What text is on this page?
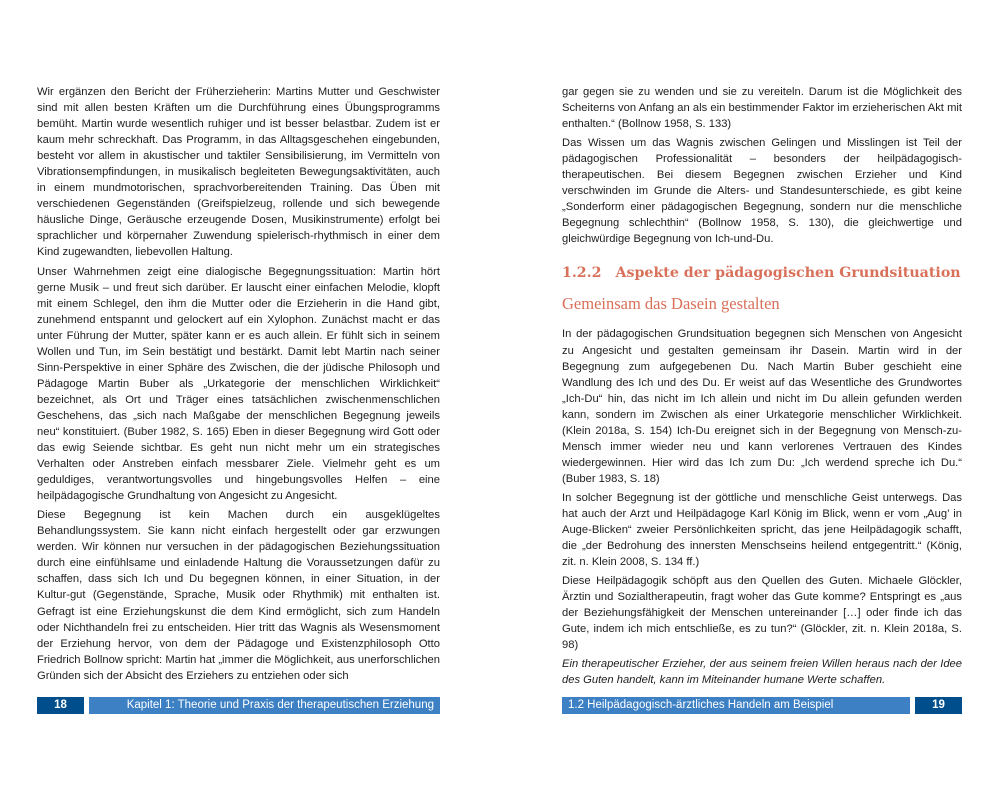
Wir ergänzen den Bericht der Früherzieherin: Martins Mutter und Geschwister sind mit allen besten Kräften um die Durchführung eines Übungsprogramms bemüht. Martin wurde wesentlich ruhiger und ist besser belastbar. Zudem ist er kaum mehr schreckhaft. Das Programm, in das Alltagsgeschehen eingebunden, besteht vor allem in akustischer und taktiler Sensibilisierung, im Vermitteln von Vibrationsempfindungen, in musikalisch begleiteten Bewegungsaktivitäten, auch in einem mundmotorischen, sprachvorbereitenden Training. Das Üben mit verschiedenen Gegenständen (Greifspielzeug, rollende und sich bewegende häusliche Dinge, Geräusche erzeugende Dosen, Musikinstrumente) erfolgt bei sprachlicher und körpernaher Zuwendung spielerisch-rhythmisch in einer dem Kind zugewandten, liebevollen Haltung.

Unser Wahrnehmen zeigt eine dialogische Begegnungssituation: Martin hört gerne Musik – und freut sich darüber. Er lauscht einer einfachen Melodie, klopft mit einem Schlegel, den ihm die Mutter oder die Erzieherin in die Hand gibt, zunehmend entspannt und gelockert auf ein Xylophon. Zunächst macht er das unter Führung der Mutter, später kann er es auch allein. Er fühlt sich in seinem Wollen und Tun, im Sein bestätigt und bestärkt. Damit lebt Martin nach seiner Sinn-Perspektive in einer Sphäre des Zwischen, die der jüdische Philosoph und Pädagoge Martin Buber als „Urkategorie der menschlichen Wirklichkeit“ bezeichnet, als Ort und Träger eines tatsächlichen zwischenmenschlichen Geschehens, das „sich nach Maßgabe der menschlichen Begegnung jeweils neu“ konstituiert. (Buber 1982, S. 165) Eben in dieser Begegnung wird Gott oder das ewig Seiende sichtbar. Es geht nun nicht mehr um ein strategisches Verhalten oder Anstreben einfach messbarer Ziele. Vielmehr geht es um geduldiges, verantwortungsvolles und hingebungsvolles Helfen – eine heilpädagogische Grundhaltung von Angesicht zu Angesicht.

Diese Begegnung ist kein Machen durch ein ausgeklügeltes Behandlungssystem. Sie kann nicht einfach hergestellt oder gar erzwungen werden. Wir können nur versuchen in der pädagogischen Beziehungssituation durch eine einfühlsame und einladende Haltung die Voraussetzungen dafür zu schaffen, dass sich Ich und Du begegnen können, in einer Situation, in der Kultur-gut (Gegenstände, Sprache, Musik oder Rhythmik) mit enthalten ist. Gefragt ist eine Erziehungskunst die dem Kind ermöglicht, sich zum Handeln oder Nichthandeln frei zu entscheiden. Hier tritt das Wagnis als Wesensmoment der Erziehung hervor, von dem der Pädagoge und Existenzphilosoph Otto Friedrich Bollnow spricht: Martin hat „immer die Möglichkeit, aus unerforschlichen Gründen sich der Absicht des Erziehers zu entziehen oder sich

18	Kapitel 1: Theorie und Praxis der therapeutischen Erziehung

gar gegen sie zu wenden und sie zu vereiteln. Darum ist die Möglichkeit des Scheiterns von Anfang an als ein bestimmender Faktor im erzieherischen Akt mit enthalten.“ (Bollnow 1958, S. 133)

Das Wissen um das Wagnis zwischen Gelingen und Misslingen ist Teil der pädagogischen Professionalität – besonders der heilpädagogisch-therapeutischen. Bei diesem Begegnen zwischen Erzieher und Kind verschwinden im Grunde die Alters- und Standesunterschiede, es gibt keine „Sonderform einer pädagogischen Begegnung, sondern nur die menschliche Begegnung schlechthin“ (Bollnow 1958, S. 130), die gleichwertige und gleichwürdige Begegnung von Ich-und-Du.

1.2.2 Aspekte der pädagogischen Grundsituation
Gemeinsam das Dasein gestalten

In der pädagogischen Grundsituation begegnen sich Menschen von Angesicht zu Angesicht und gestalten gemeinsam ihr Dasein. Martin wird in der Begegnung zum aufgegebenen Du. Nach Martin Buber geschieht eine Wandlung des Ich und des Du. Er weist auf das Wesentliche des Grundwortes „Ich-Du“ hin, das nicht im Ich allein und nicht im Du allein gefunden werden kann, sondern im Zwischen als einer Urkategorie menschlicher Wirklichkeit. (Klein 2018a, S. 154) Ich-Du ereignet sich in der Begegnung von Mensch-zu-Mensch immer wieder neu und kann verlorenes Vertrauen des Kindes wiedergewinnen. Hier wird das Ich zum Du: „Ich werdend spreche ich Du.“ (Buber 1983, S. 18)

In solcher Begegnung ist der göttliche und menschliche Geist unterwegs. Das hat auch der Arzt und Heilpädagoge Karl König im Blick, wenn er vom „Aug’ in Auge-Blicken“ zweier Persönlichkeiten spricht, das jene Heilpädagogik schafft, die „der Bedrohung des innersten Menschseins heilend entgegentritt.“ (König, zit. n. Klein 2008, S. 134 ff.)

Diese Heilpädagogik schöpft aus den Quellen des Guten. Michaele Glöckler, Ärztin und Sozialtherapeutin, fragt woher das Gute komme? Entspringt es „aus der Beziehungsfähigkeit der Menschen untereinander […] oder finde ich das Gute, indem ich mich entschließe, es zu tun?“ (Glöckler, zit. n. Klein 2018a, S. 98)

Ein therapeutischer Erzieher, der aus seinem freien Willen heraus nach der Idee des Guten handelt, kann im Miteinander humane Werte schaffen.

1.2 Heilpädagogisch-ärztliches Handeln am Beispiel	19
